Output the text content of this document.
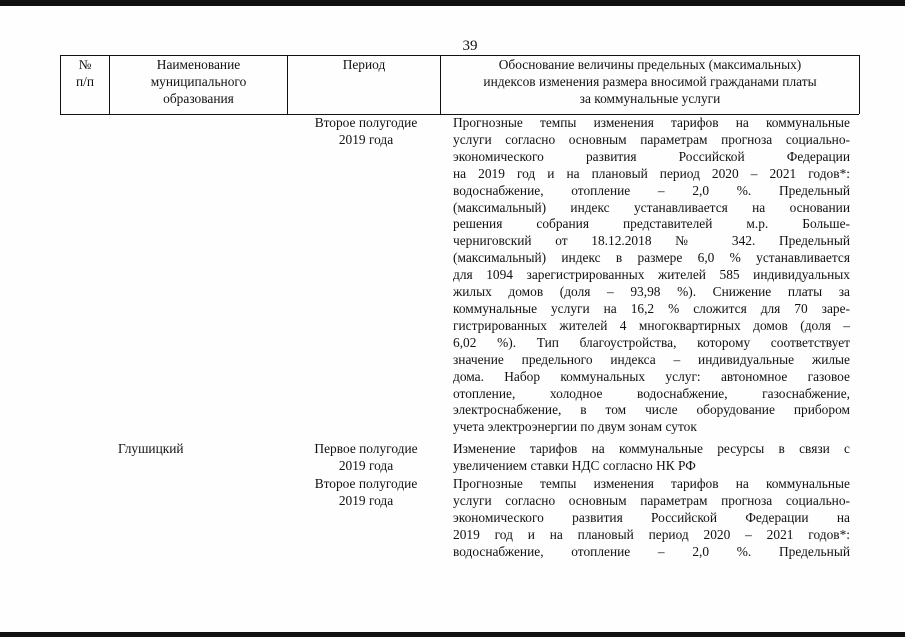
39
№
п/п
Наименование
муниципального
образования
Период	Обоснование величины предельных (максимальных)
индексов изменения размера вносимой гражданами платы
за коммунальные услуги
Второе полугодие
2019 года
Прогнозные темпы изменения тарифов на коммунальные
услуги согласно основным параметрам прогноза социально-
экономического развития Российской Федерации
на 2019 год и на плановый период 2020 – 2021 годов*:
водоснабжение, отопление – 2,0 %. Предельный
(максимальный) индекс устанавливается на основании
решения собрания представителей м.р. Больше-
черниговский от 18.12.2018 № 342. Предельный
(максимальный) индекс в размере 6,0 % устанавливается
для 1094 зарегистрированных жителей 585 индивидуальных
жилых домов (доля – 93,98 %). Снижение платы за
коммунальные услуги на 16,2 % сложится для 70 заре-
гистрированных жителей 4 многоквартирных домов (доля –
6,02 %). Тип благоустройства, которому соответствует
значение предельного индекса – индивидуальные жилые
дома. Набор коммунальных услуг: автономное газовое
отопление, холодное водоснабжение, газоснабжение,
электроснабжение, в том числе оборудование прибором
учета электроэнергии по двум зонам суток
Глушицкий	Первое полугодие
2019 года
Изменение тарифов на коммунальные ресурсы в связи с
увеличением ставки НДС согласно НК РФ
Второе полугодие
2019 года
Прогнозные темпы изменения тарифов на коммунальные
услуги согласно основным параметрам прогноза социально-
экономического развития Российской Федерации на
2019 год и на плановый период 2020 – 2021 годов*:
водоснабжение, отопление – 2,0 %. Предельный
